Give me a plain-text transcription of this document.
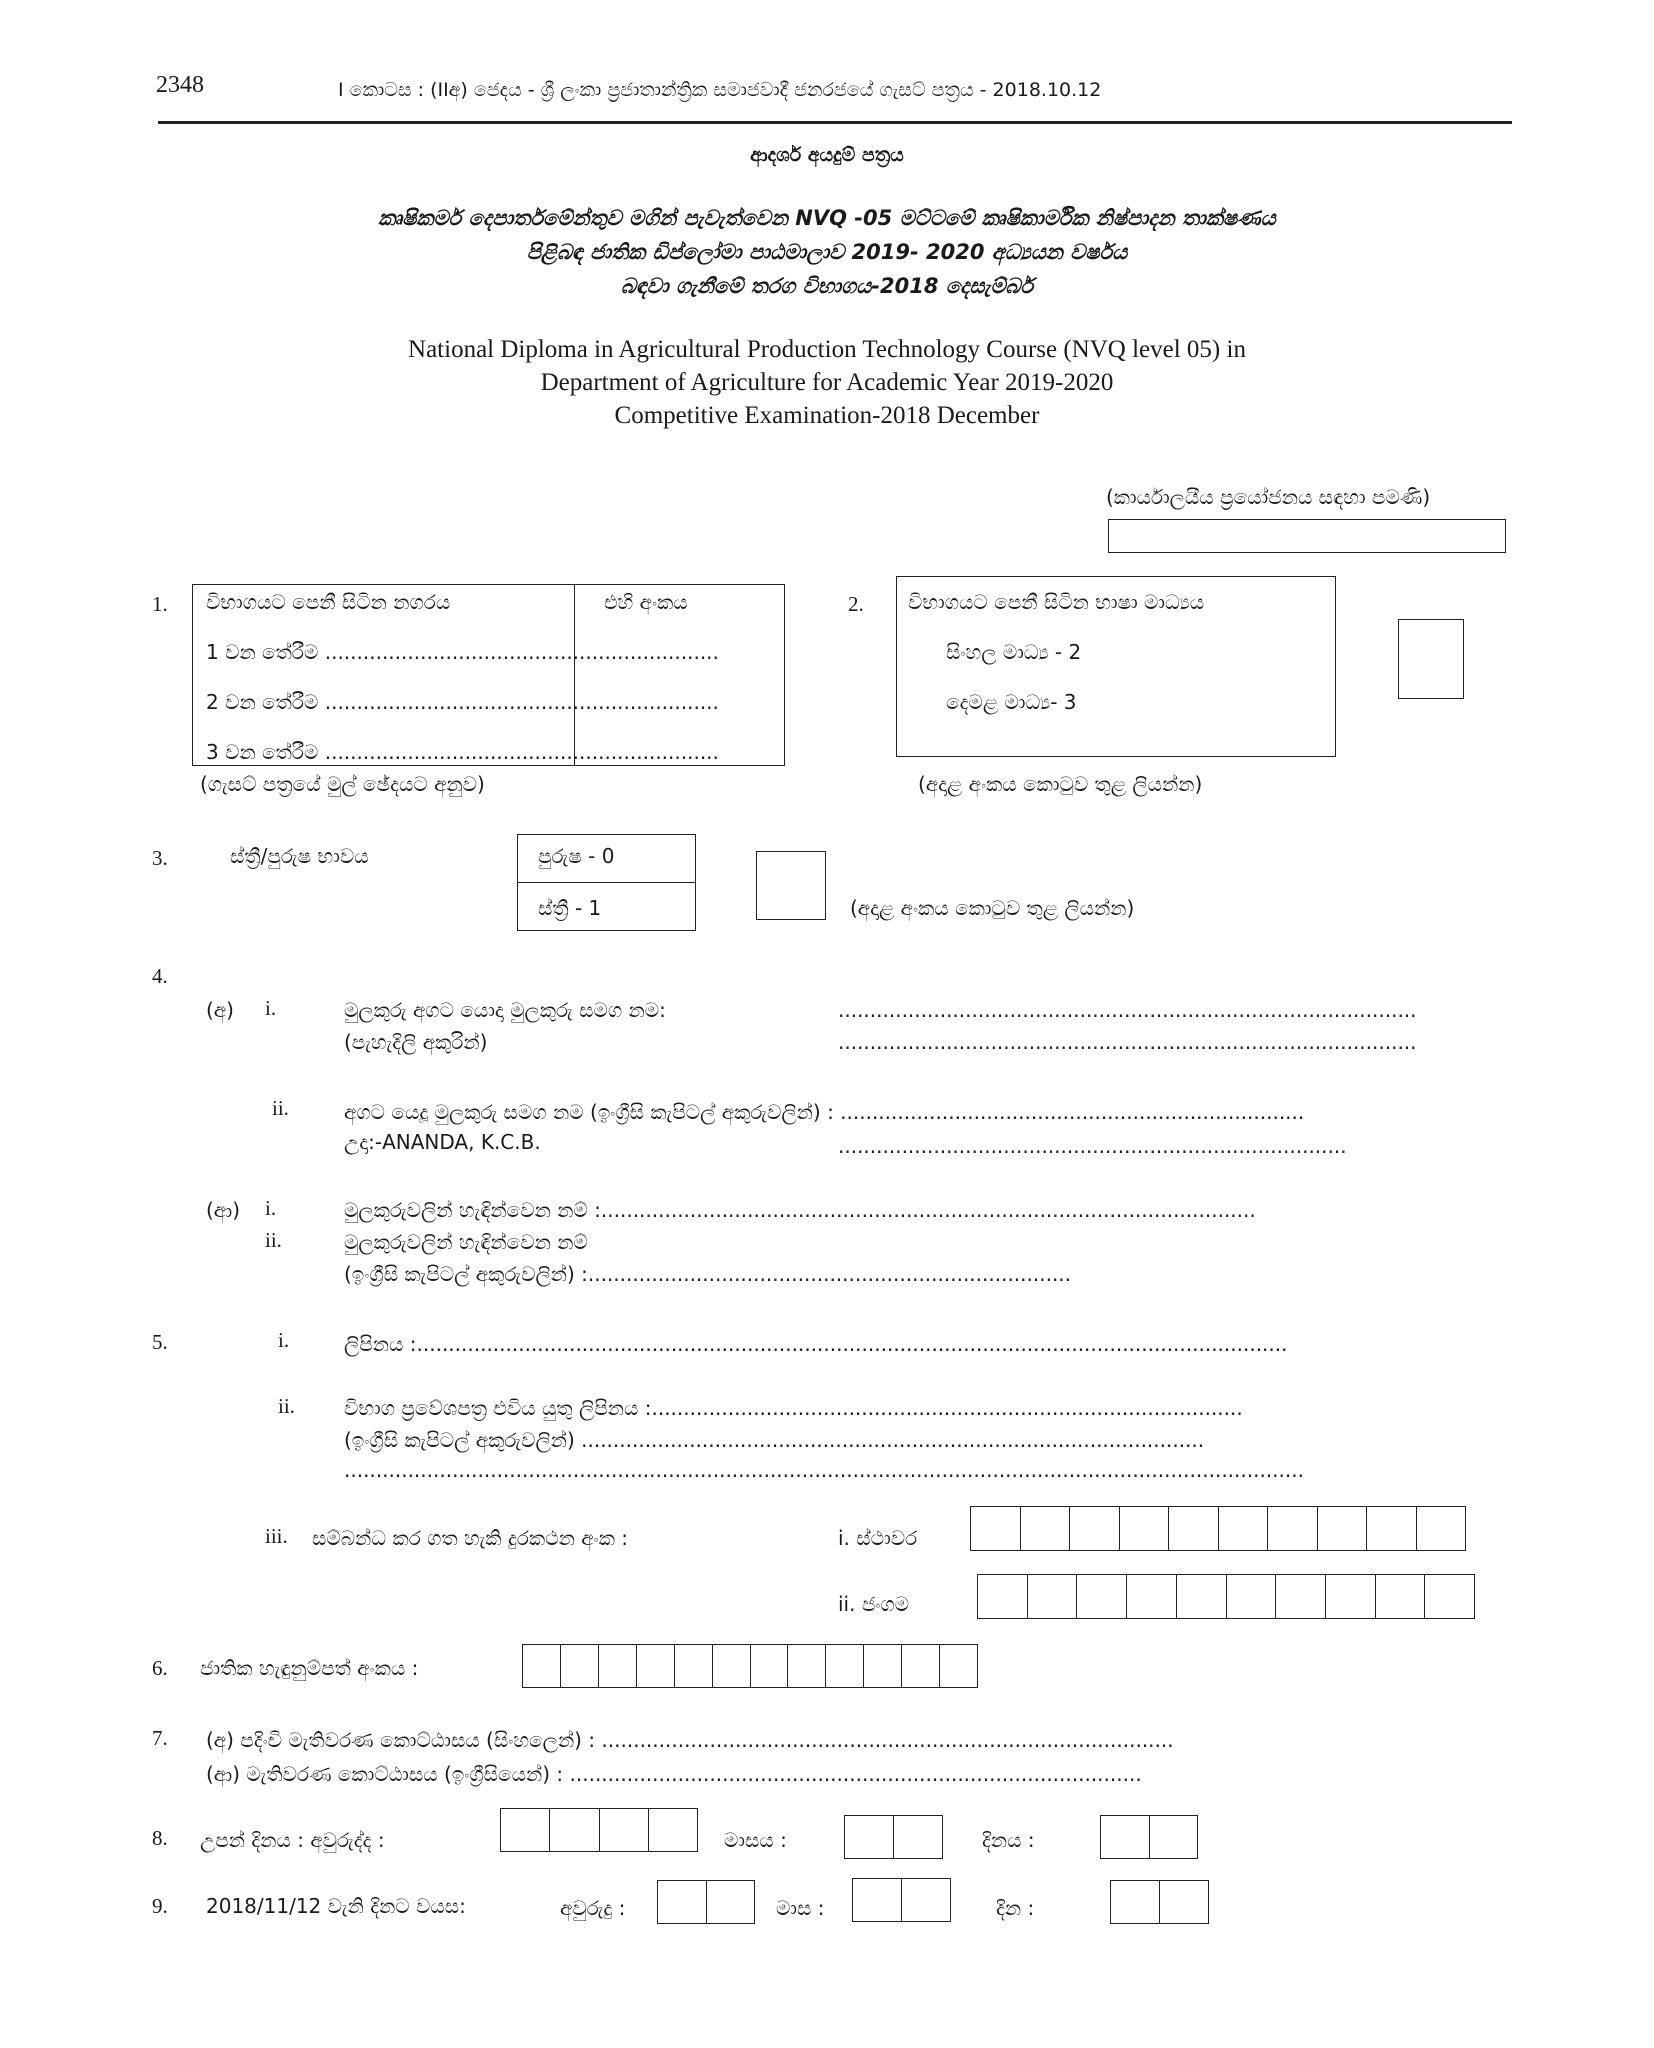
2348	I කොටස : (IIඅ) ජෙදය - ශ්‍රී ලංකා ප්‍රජාතාන්ත්‍රික සමාජවාදී ජනරජයේ ගැසට් පත්‍රය - 2018.10.12
ආදර්ශ අයදුම් පත්‍රය
කෘෂිකර්ම දෙපාර්තමේන්තුව මගින් පැවැත්වෙන NVQ -05 මට්ටමේ කෘෂිකාර්මික නිෂ්පාදන තාක්ෂණය
පිළිබඳ ජාතික ඩිප්ලෝමා පාඨමාලාව 2019- 2020 අධ්‍යයන වර්ෂය
බඳවා ගැනීමේ තරග විභාගය-2018 දෙසැම්බර්
National Diploma in Agricultural Production Technology Course (NVQ level 05) in
Department of Agriculture for Academic Year 2019-2020
Competitive Examination-2018 December
(කාර්යාලයීය ප්‍රයෝජනය සඳහා පමණි)
1. විභාගයට පෙනී සිටින නගරය	එහි අංකය
1 වන තේරීම ..............................................................
2 වන තේරීම ..............................................................
3 වන තේරීම ..............................................................
(ගැසට් පත්‍රයේ මුල් ඡේදයට අනුව)
2. විභාගයට පෙනී සිටින භාෂා මාධ්‍යය
සිංහල මාධ්‍ය - 2
දෙමළ මාධ්‍ය- 3
(අදාළ අංකය කොටුව තුළ ලියන්න)
3.	ස්ත්‍රී/පුරුෂ භාවය	පුරුෂ - 0
ස්ත්‍රී - 1	(අදාළ අංකය කොටුව තුළ ලියන්න)
4.
(අ) i.	මුලකුරු අගට යොදා මුලකුරු සමග නම:
(පැහැදිලි අකුරින්)
...........................................................................................
...........................................................................................
ii.	අගට යෙදූ මුලකුරු සමග නම (ඉංග්‍රීසි කැපිටල් අකුරුවලින්) : .........................................................................
උදා:-ANANDA, K.C.B.	................................................................................
(ආ) i.	මුලකුරුවලින් හැඳින්වෙන නම් :.......................................................................................................
ii.	මුලකුරුවලින් හැඳින්වෙන නම්
(ඉංග්‍රීසි කැපිටල් අකුරුවලින්) :............................................................................
5.	i.	ලිපිනය :.........................................................................................................................................
ii. විභාග ප්‍රවේශපත්‍ර එවිය යුතු ලිපිනය :.............................................................................................
(ඉංග්‍රීසි කැපිටල් අකුරුවලින්) ..................................................................................................
.......................................................................................................................................................
iii. සම්බන්ධ කර ගත හැකි දුරකථන අංක :	i. ස්ථාවර
ii. ජංගම
6. ජාතික හැඳුනුම්පත් අංකය :
7. (අ) පදිංචි මැතිවරණ කොට්ඨාසය (සිංහලෙන්) : ..........................................................................................
(ආ) මැතිවරණ කොට්ඨාසය (ඉංග්‍රීසියෙන්) : ..........................................................................................
8. උපන් දිනය : අවුරුද්ද :	මාසය :	දිනය :
9. 2018/11/12 වැනි දිනට වයස:	අවුරුදු :	මාස :	දින :
